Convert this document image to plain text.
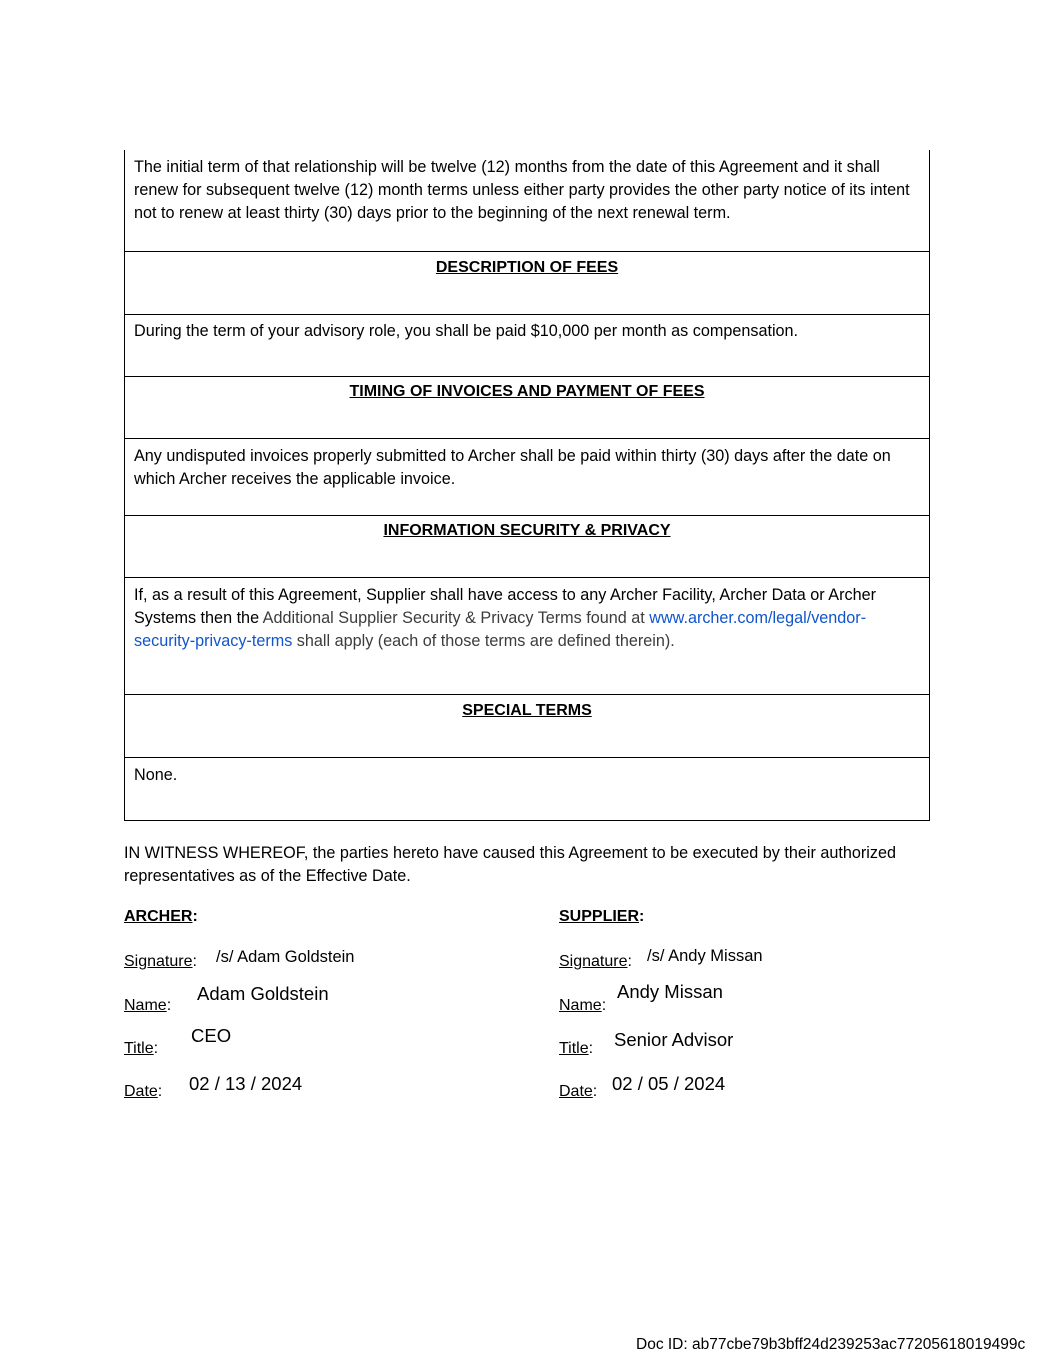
The initial term of that relationship will be twelve (12) months from the date of this Agreement and it shall renew for subsequent twelve (12) month terms unless either party provides the other party notice of its intent not to renew at least thirty (30) days prior to the beginning of the next renewal term.
DESCRIPTION OF FEES
During the term of your advisory role, you shall be paid $10,000 per month as compensation.
TIMING OF INVOICES AND PAYMENT OF FEES
Any undisputed invoices properly submitted to Archer shall be paid within thirty (30) days after the date on which Archer receives the applicable invoice.
INFORMATION SECURITY & PRIVACY
If, as a result of this Agreement, Supplier shall have access to any Archer Facility, Archer Data or Archer Systems then the Additional Supplier Security & Privacy Terms found at www.archer.com/legal/vendor-security-privacy-terms shall apply (each of those terms are defined therein).
SPECIAL TERMS
None.
IN WITNESS WHEREOF, the parties hereto have caused this Agreement to be executed by their authorized representatives as of the Effective Date.
ARCHER:
Signature: /s/ Adam Goldstein
Name:
Adam Goldstein
Title:
CEO
Date: 02 / 13 / 2024
SUPPLIER:
Signature: /s/ Andy Missan
Name:
Andy Missan
Title: Senior Advisor
Date: 02 / 05 / 2024
Doc ID: ab77cbe79b3bff24d239253ac77205618019499c
